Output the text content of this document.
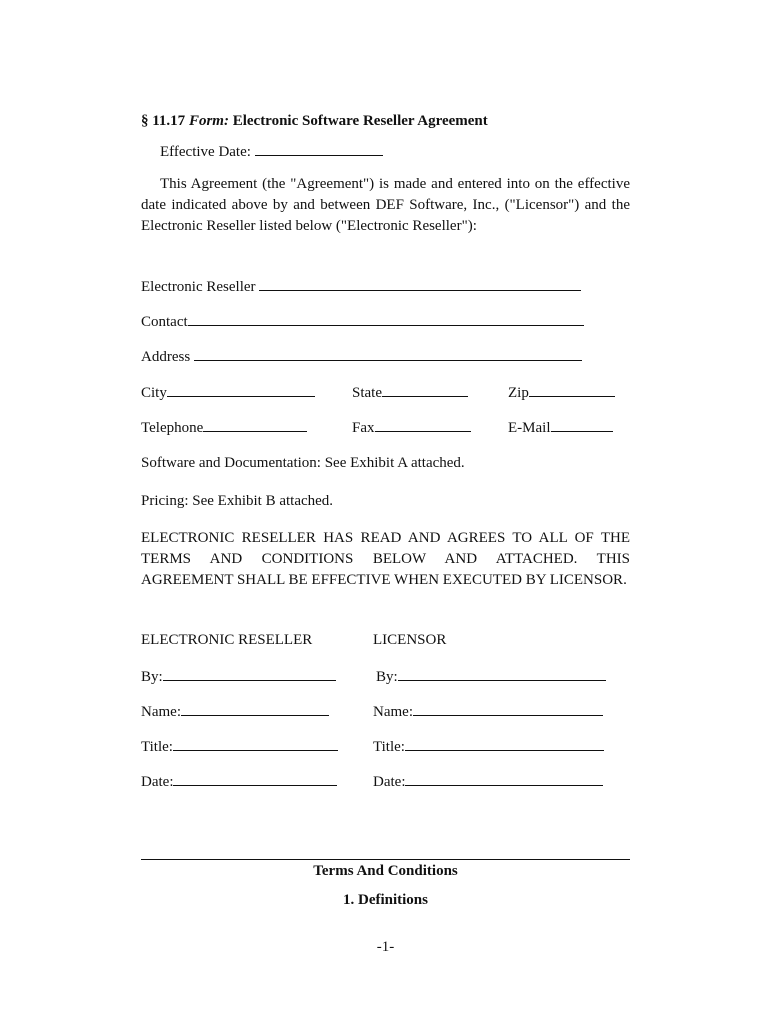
§ 11.17 Form: Electronic Software Reseller Agreement
Effective Date:
This Agreement (the "Agreement") is made and entered into on the effective date indicated above by and between DEF Software, Inc., ("Licensor") and the Electronic Reseller listed below ("Electronic Reseller"):
Electronic Reseller
Contact
Address
City	State	Zip
Telephone	Fax	E-Mail
Software and Documentation: See Exhibit A attached.
Pricing: See Exhibit B attached.
ELECTRONIC RESELLER HAS READ AND AGREES TO ALL OF THE TERMS AND CONDITIONS BELOW AND ATTACHED. THIS AGREEMENT SHALL BE EFFECTIVE WHEN EXECUTED BY LICENSOR.
ELECTRONIC RESELLER	LICENSOR
By:	By:
Name:	Name:
Title:	Title:
Date:	Date:
Terms And Conditions
1. Definitions
-1-
